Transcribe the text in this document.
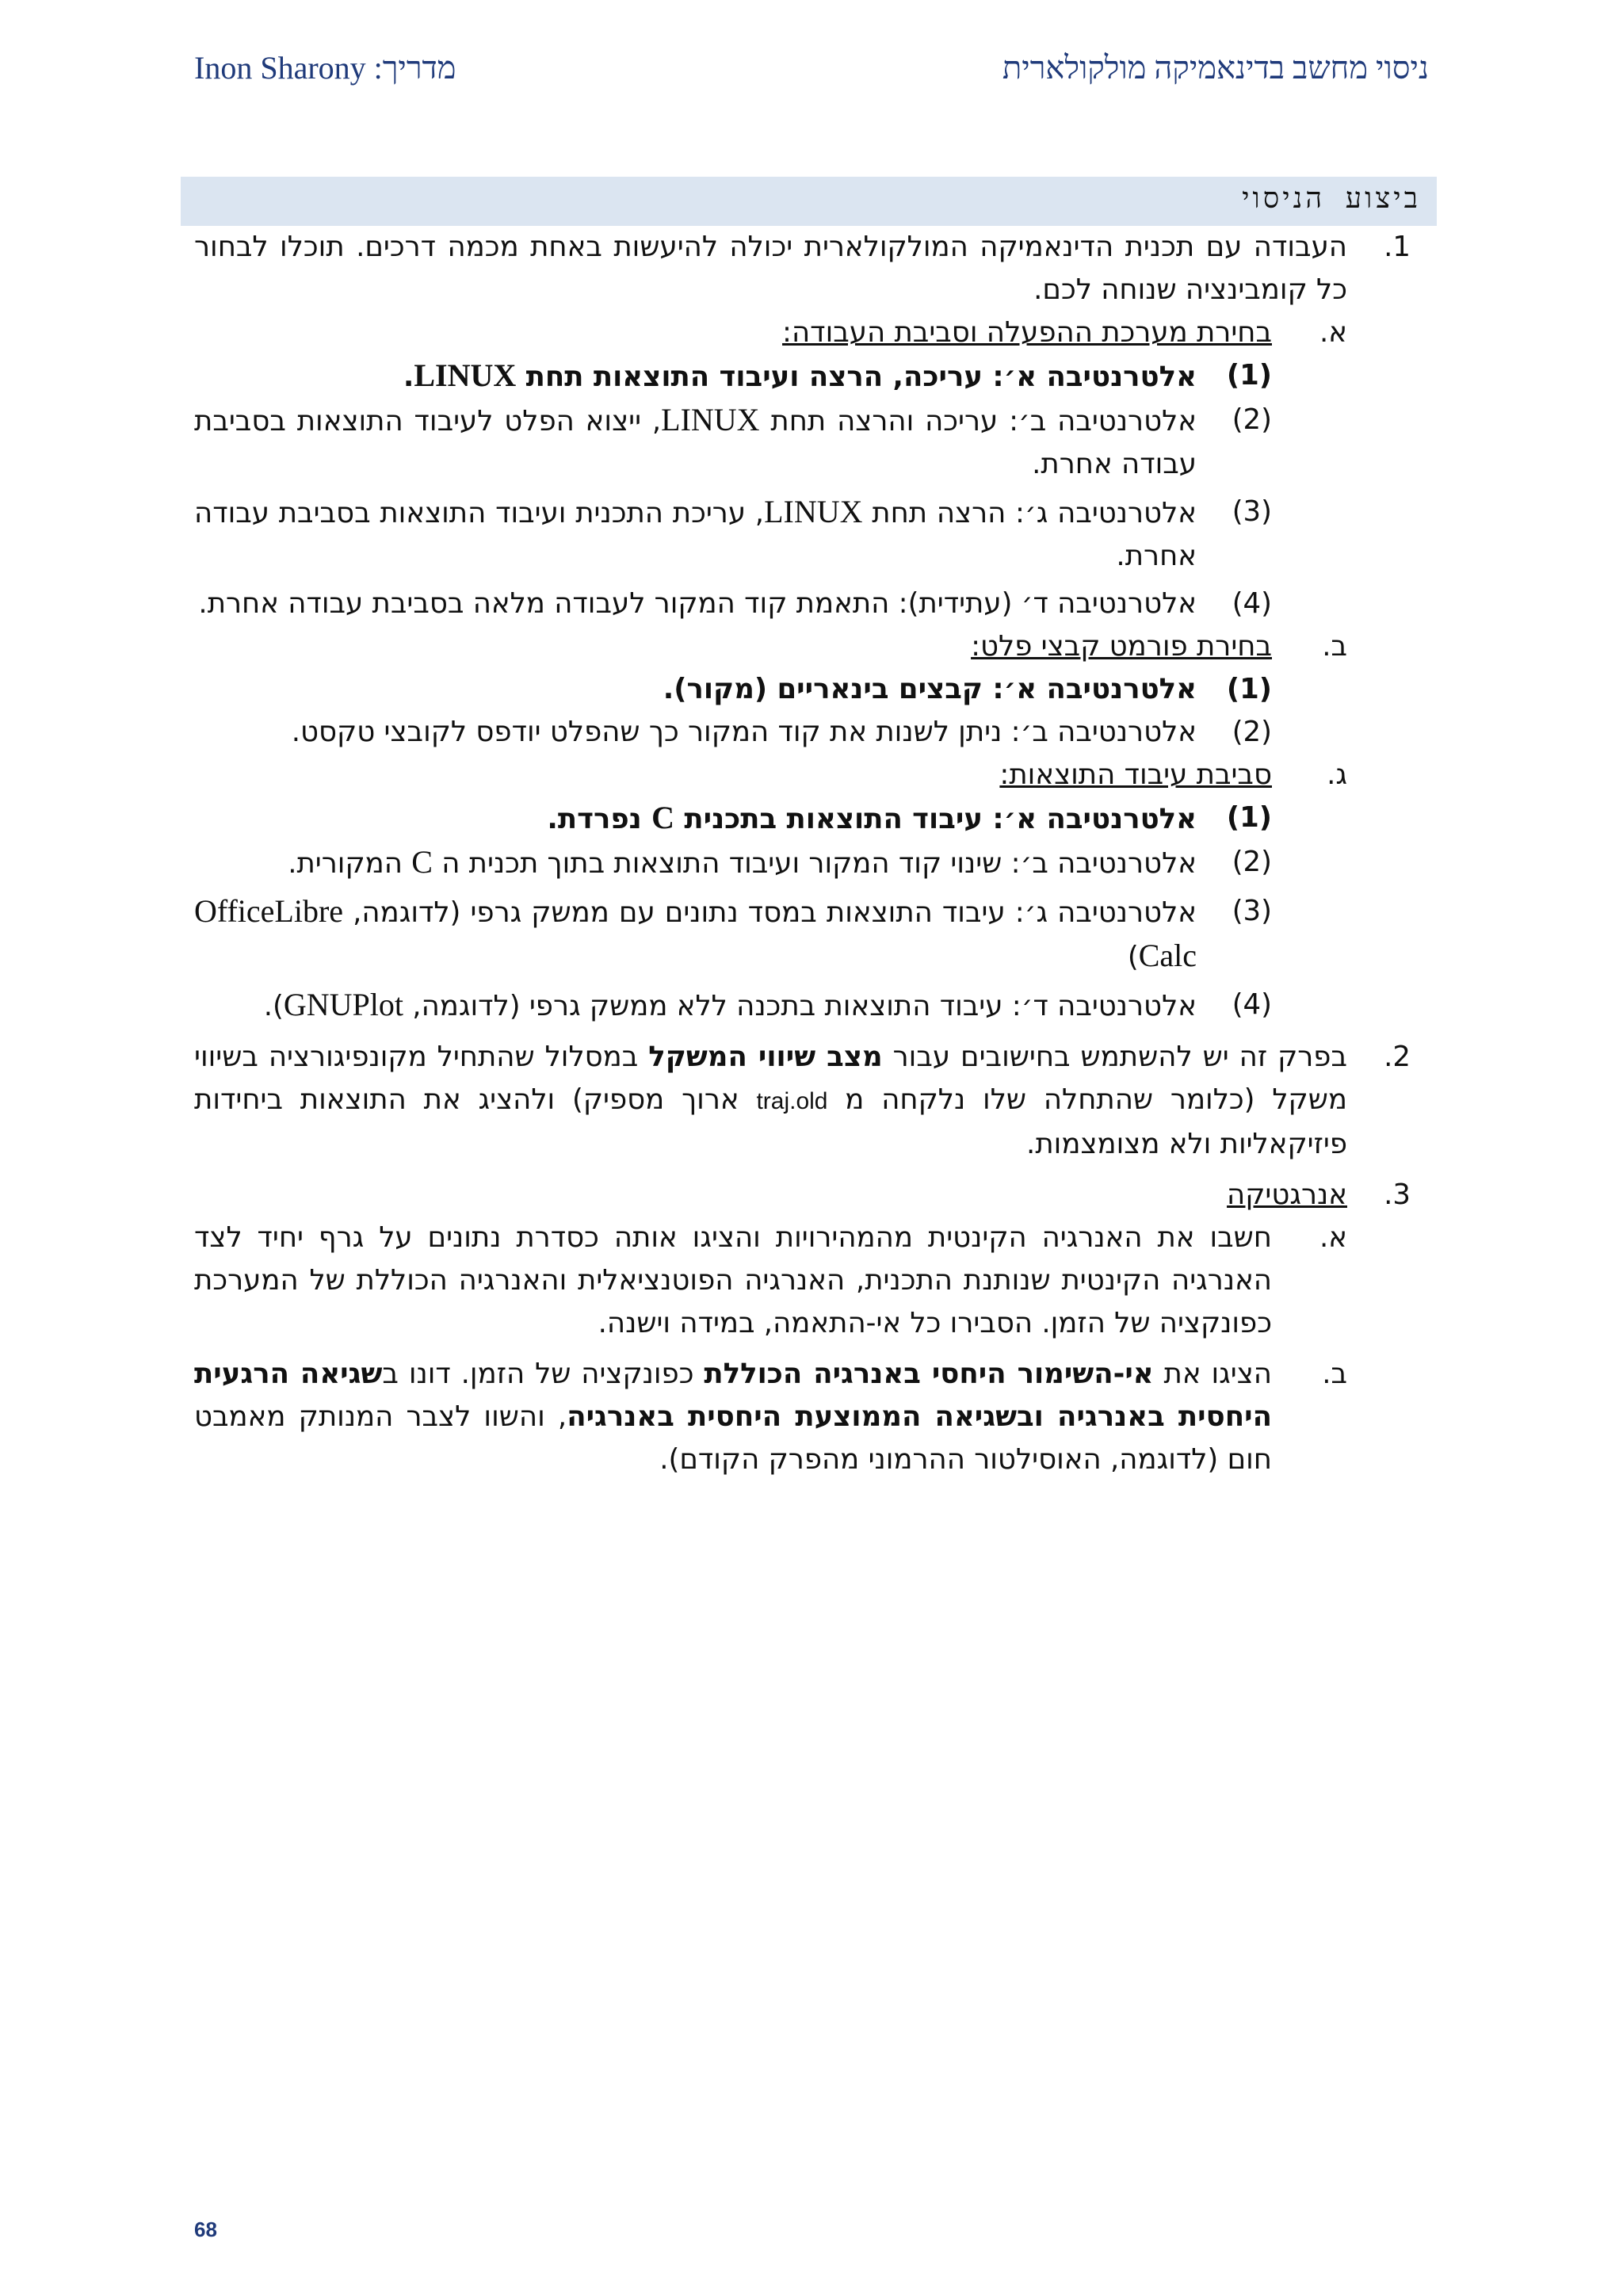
Inon Sharony :מדריך	ניסוי מחשב בדינאמיקה מולקולארית
ביצוע הניסוי
1.
העבודה עם תכנית הדינאמיקה המולקולארית יכולה להיעשות באחת מכמה דרכים. תוכלו לבחור כל קומבינציה שנוחה לכם.
א.
בחירת מערכת ההפעלה וסביבת העבודה:
(1)
אלטרנטיבה א׳: עריכה, הרצה ועיבוד התוצאות תחת LINUX.
(2)
אלטרנטיבה ב׳: עריכה והרצה תחת LINUX, ייצוא הפלט לעיבוד התוצאות בסביבת עבודה אחרת.
(3)
אלטרנטיבה ג׳: הרצה תחת LINUX, עריכת התכנית ועיבוד התוצאות בסביבת עבודה אחרת.
(4)
אלטרנטיבה ד׳ (עתידית): התאמת קוד המקור לעבודה מלאה בסביבת עבודה אחרת.
ב.
בחירת פורמט קבצי פלט:
(1)
אלטרנטיבה א׳: קבצים בינאריים (מקור).
(2)
אלטרנטיבה ב׳: ניתן לשנות את קוד המקור כך שהפלט יודפס לקובצי טקסט.
ג.
סביבת עיבוד התוצאות:
(1)
אלטרנטיבה א׳: עיבוד התוצאות בתכנית C נפרדת.
(2)
אלטרנטיבה ב׳: שינוי קוד המקור ועיבוד התוצאות בתוך תכנית ה C המקורית.
(3)
אלטרנטיבה ג׳: עיבוד התוצאות במסד נתונים עם ממשק גרפי (לדוגמה, OfficeLibre Calc)
(4)
אלטרנטיבה ד׳: עיבוד התוצאות בתכנה ללא ממשק גרפי (לדוגמה, GNUPlot).
2.
בפרק זה יש להשתמש בחישובים עבור מצב שיווי המשקל במסלול שהתחיל מקונפיגורציה בשיווי משקל (כלומר שהתחלה שלו נלקחה מ traj.old ארוך מספיק) ולהציג את התוצאות ביחידות פיזיקאליות ולא מצומצמות.
3.
אנרגטיקה
א.
חשבו את האנרגיה הקינטית מהמהירויות והציגו אותה כסדרת נתונים על גרף יחיד לצד האנרגיה הקינטית שנותנת התכנית, האנרגיה הפוטנציאלית והאנרגיה הכוללת של המערכת כפונקציה של הזמן. הסבירו כל אי-התאמה, במידה וישנה.
ב.
הציגו את אי-השימור היחסי באנרגיה הכוללת כפונקציה של הזמן. דונו בשגיאה הרגעית היחסית באנרגיה ובשגיאה הממוצעת היחסית באנרגיה, והשוו לצבר המנותק מאמבט חום (לדוגמה, האוסילטור ההרמוני מהפרק הקודם).
68
